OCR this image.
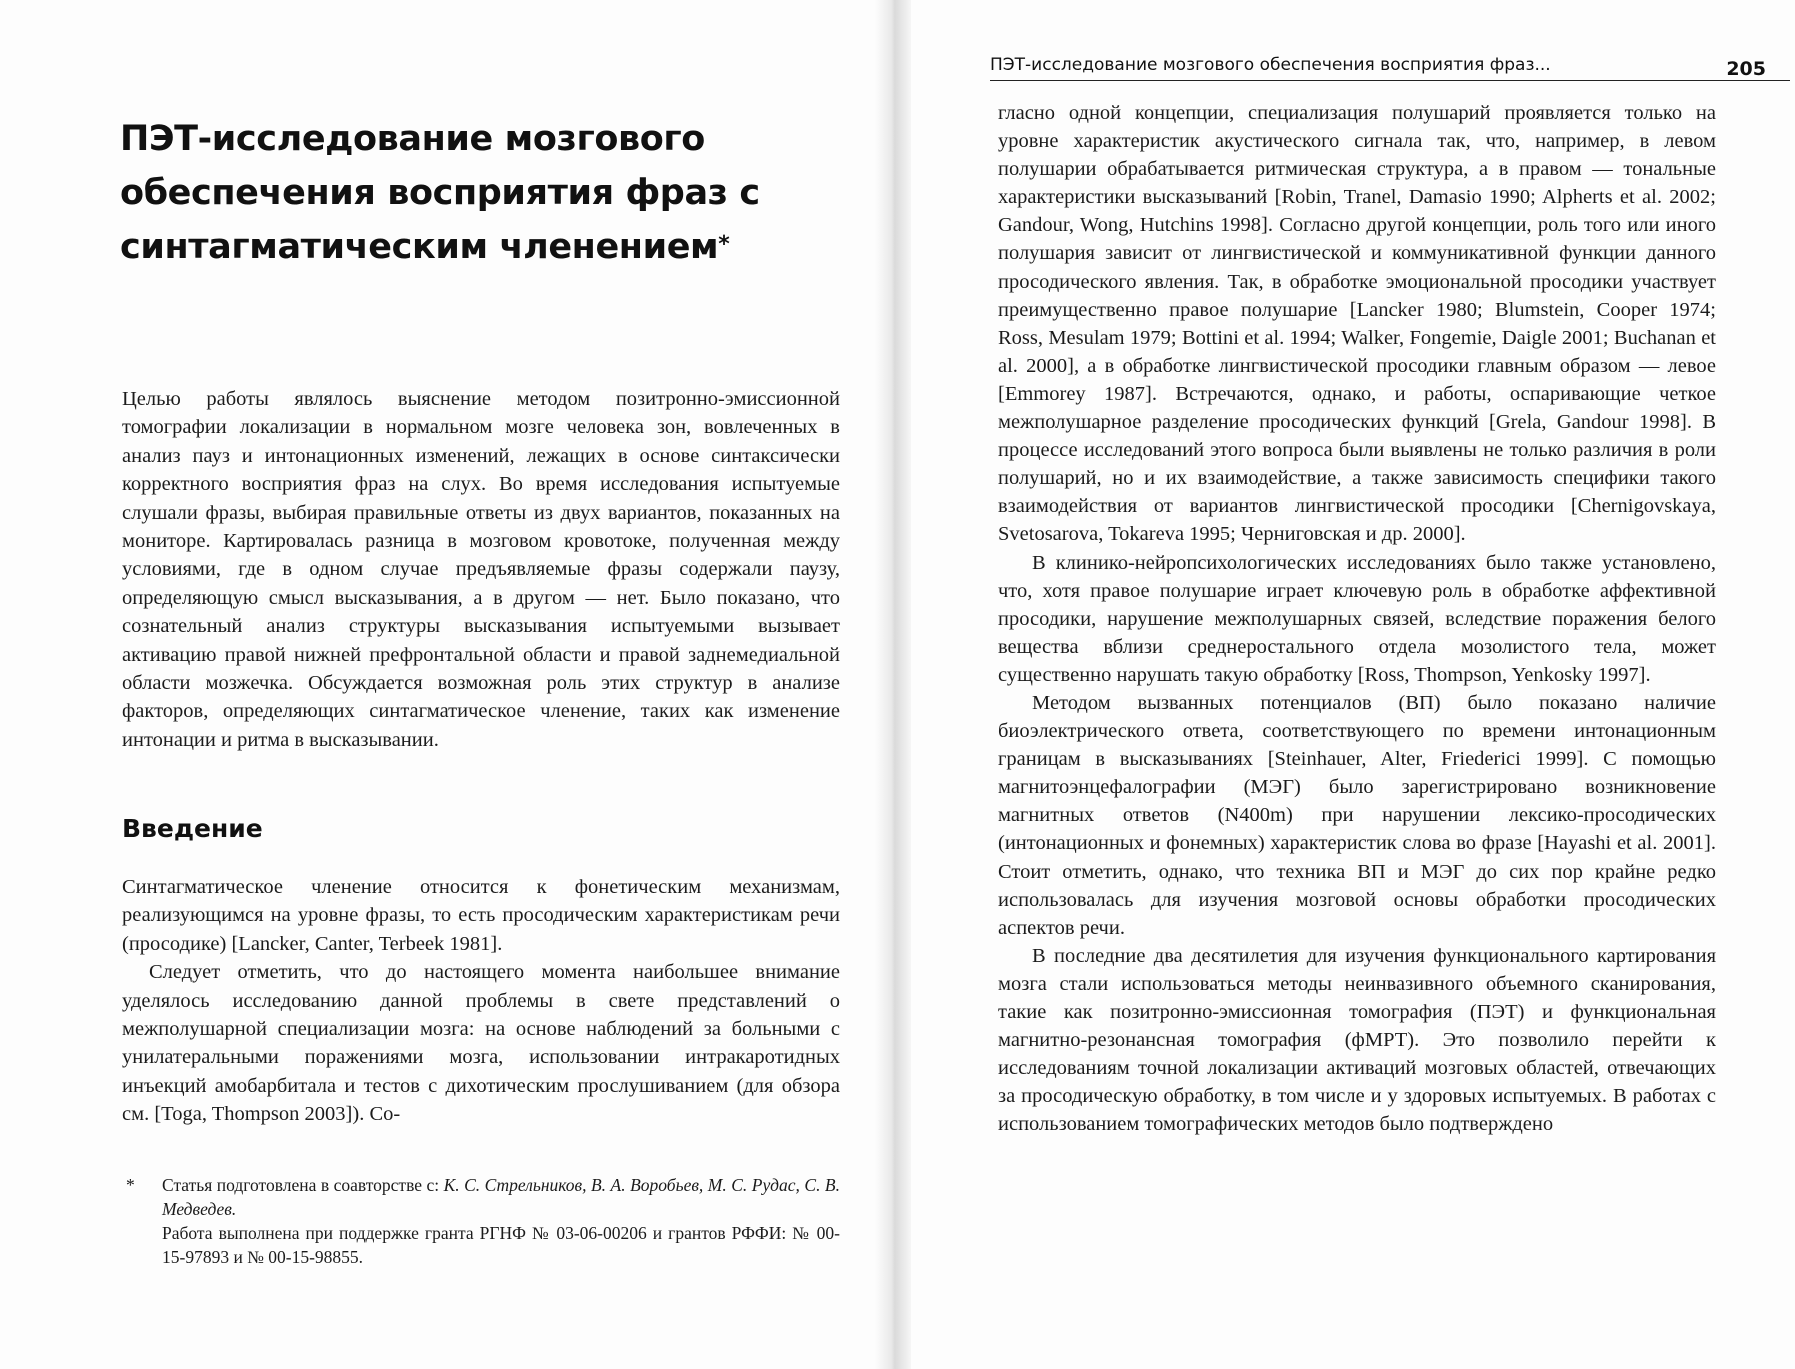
ПЭТ-исследование мозгового обеспечения восприятия фраз с синтагматическим членением*

Целью работы являлось выяснение методом позитронно-эмиссионной томографии локализации в нормальном мозге человека зон, вовлеченных в анализ пауз и интонационных изменений, лежащих в основе синтаксически корректного восприятия фраз на слух. Во время исследования испытуемые слушали фразы, выбирая правильные ответы из двух вариантов, показанных на мониторе. Картировалась разница в мозговом кровотоке, полученная между условиями, где в одном случае предъявляемые фразы содержали паузу, определяющую смысл высказывания, а в другом — нет. Было показано, что сознательный анализ структуры высказывания испытуемыми вызывает активацию правой нижней префронтальной области и правой заднемедиальной области мозжечка. Обсуждается возможная роль этих структур в анализе факторов, определяющих синтагматическое членение, таких как изменение интонации и ритма в высказывании.

Введение

Синтагматическое членение относится к фонетическим механизмам, реализующимся на уровне фразы, то есть просодическим характеристикам речи (просодике) [Lancker, Canter, Terbeek 1981].

Следует отметить, что до настоящего момента наибольшее внимание уделялось исследованию данной проблемы в свете представлений о межполушарной специализации мозга: на основе наблюдений за больными с унилатеральными поражениями мозга, использовании интракаротидных инъекций амобарбитала и тестов с дихотическим прослушиванием (для обзора см. [Toga, Thompson 2003]). Со-

* Статья подготовлена в соавторстве с: К. С. Стрельников, В. А. Воробьев, М. С. Рудас, С. В. Медведев.

Работа выполнена при поддержке гранта РГНФ № 03-06-00206 и грантов РФФИ: № 00-15-97893 и № 00-15-98855.

ПЭТ-исследование мозгового обеспечения восприятия фраз...	205

гласно одной концепции, специализация полушарий проявляется только на уровне характеристик акустического сигнала так, что, например, в левом полушарии обрабатывается ритмическая структура, а в правом — тональные характеристики высказываний [Robin, Tranel, Damasio 1990; Alpherts et al. 2002; Gandour, Wong, Hutchins 1998]. Согласно другой концепции, роль того или иного полушария зависит от лингвистической и коммуникативной функции данного просодического явления. Так, в обработке эмоциональной просодики участвует преимущественно правое полушарие [Lancker 1980; Blumstein, Cooper 1974; Ross, Mesulam 1979; Bottini et al. 1994; Walker, Fongemie, Daigle 2001; Buchanan et al. 2000], а в обработке лингвистической просодики главным образом — левое [Emmorey 1987]. Встречаются, однако, и работы, оспаривающие четкое межполушарное разделение просодических функций [Grela, Gandour 1998]. В процессе исследований этого вопроса были выявлены не только различия в роли полушарий, но и их взаимодействие, а также зависимость специфики такого взаимодействия от вариантов лингвистической просодики [Chernigovskaya, Svetosarova, Tokareva 1995; Черниговская и др. 2000].

В клинико-нейропсихологических исследованиях было также установлено, что, хотя правое полушарие играет ключевую роль в обработке аффективной просодики, нарушение межполушарных связей, вследствие поражения белого вещества вблизи среднеростального отдела мозолистого тела, может существенно нарушать такую обработку [Ross, Thompson, Yenkosky 1997].

Методом вызванных потенциалов (ВП) было показано наличие биоэлектрического ответа, соответствующего по времени интонационным границам в высказываниях [Steinhauer, Alter, Friederici 1999]. С помощью магнитоэнцефалографии (МЭГ) было зарегистрировано возникновение магнитных ответов (N400m) при нарушении лексико-просодических (интонационных и фонемных) характеристик слова во фразе [Hayashi et al. 2001]. Стоит отметить, однако, что техника ВП и МЭГ до сих пор крайне редко использовалась для изучения мозговой основы обработки просодических аспектов речи.

В последние два десятилетия для изучения функционального картирования мозга стали использоваться методы неинвазивного объемного сканирования, такие как позитронно-эмиссионная томография (ПЭТ) и функциональная магнитно-резонансная томография (фМРТ). Это позволило перейти к исследованиям точной локализации активаций мозговых областей, отвечающих за просодическую обработку, в том числе и у здоровых испытуемых. В работах с использованием томографических методов было подтверждено
